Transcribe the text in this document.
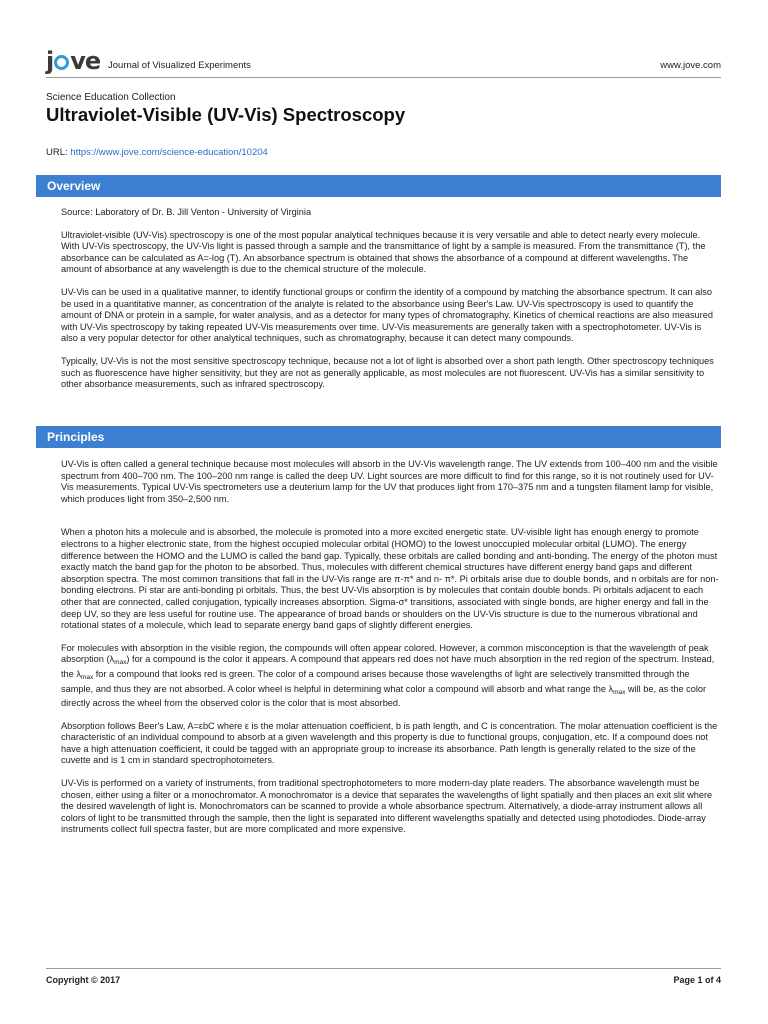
j ve Journal of Visualized Experiments	www.jove.com
Science Education Collection
Ultraviolet-Visible (UV-Vis) Spectroscopy
URL: https://www.jove.com/science-education/10204
Overview

Source: Laboratory of Dr. B. Jill Venton - University of Virginia

Ultraviolet-visible (UV-Vis) spectroscopy is one of the most popular analytical techniques because it is very versatile and able to detect nearly every molecule. With UV-Vis spectroscopy, the UV-Vis light is passed through a sample and the transmittance of light by a sample is measured. From the transmittance (T), the absorbance can be calculated as A=-log (T). An absorbance spectrum is obtained that shows the absorbance of a compound at different wavelengths. The amount of absorbance at any wavelength is due to the chemical structure of the molecule.

UV-Vis can be used in a qualitative manner, to identify functional groups or confirm the identity of a compound by matching the absorbance spectrum. It can also be used in a quantitative manner, as concentration of the analyte is related to the absorbance using Beer's Law. UV-Vis spectroscopy is used to quantify the amount of DNA or protein in a sample, for water analysis, and as a detector for many types of chromatography. Kinetics of chemical reactions are also measured with UV-Vis spectroscopy by taking repeated UV-Vis measurements over time. UV-Vis measurements are generally taken with a spectrophotometer. UV-Vis is also a very popular detector for other analytical techniques, such as chromatography, because it can detect many compounds.

Typically, UV-Vis is not the most sensitive spectroscopy technique, because not a lot of light is absorbed over a short path length. Other spectroscopy techniques such as fluorescence have higher sensitivity, but they are not as generally applicable, as most molecules are not fluorescent. UV-Vis has a similar sensitivity to other absorbance measurements, such as infrared spectroscopy.

Principles

UV-Vis is often called a general technique because most molecules will absorb in the UV-Vis wavelength range. The UV extends from 100–400 nm and the visible spectrum from 400–700 nm. The 100–200 nm range is called the deep UV. Light sources are more difficult to find for this range, so it is not routinely used for UV-Vis measurements. Typical UV-Vis spectrometers use a deuterium lamp for the UV that produces light from 170–375 nm and a tungsten filament lamp for visible, which produces light from 350–2,500 nm.

When a photon hits a molecule and is absorbed, the molecule is promoted into a more excited energetic state. UV-visible light has enough energy to promote electrons to a higher electronic state, from the highest occupied molecular orbital (HOMO) to the lowest unoccupied molecular orbital (LUMO). The energy difference between the HOMO and the LUMO is called the band gap. Typically, these orbitals are called bonding and anti-bonding. The energy of the photon must exactly match the band gap for the photon to be absorbed. Thus, molecules with different chemical structures have different energy band gaps and different absorption spectra. The most common transitions that fall in the UV-Vis range are π-π* and n- π*. Pi orbitals arise due to double bonds, and n orbitals are for non-bonding electrons. Pi star are anti-bonding pi orbitals. Thus, the best UV-Vis absorption is by molecules that contain double bonds. Pi orbitals adjacent to each other that are connected, called conjugation, typically increases absorption. Sigma-σ* transitions, associated with single bonds, are higher energy and fall in the deep UV, so they are less useful for routine use. The appearance of broad bands or shoulders on the UV-Vis structure is due to the numerous vibrational and rotational states of a molecule, which lead to separate energy band gaps of slightly different energies.

For molecules with absorption in the visible region, the compounds will often appear colored. However, a common misconception is that the wavelength of peak absorption $(\lambda_{max})$ for a compound is the color it appears. A compound that appears red does not have much absorption in the red region of the spectrum. Instead, the $\lambda_{max}$ for a compound that looks red is green. The color of a compound arises because those wavelengths of light are selectively transmitted through the sample, and thus they are not absorbed. A color wheel is helpful in determining what color a compound will absorb and what range the $\lambda_{max}$ will be, as the color directly across the wheel from the observed color is the color that is most absorbed.

Absorption follows Beer's Law, A=εbC where ε is the molar attenuation coefficient, b is path length, and C is concentration. The molar attenuation coefficient is the characteristic of an individual compound to absorb at a given wavelength and this property is due to functional groups, conjugation, etc. If a compound does not have a high attenuation coefficient, it could be tagged with an appropriate group to increase its absorbance. Path length is generally related to the size of the cuvette and is 1 cm in standard spectrophotometers.

UV-Vis is performed on a variety of instruments, from traditional spectrophotometers to more modern-day plate readers. The absorbance wavelength must be chosen, either using a filter or a monochromator. A monochromator is a device that separates the wavelengths of light spatially and then places an exit slit where the desired wavelength of light is. Monochromators can be scanned to provide a whole absorbance spectrum. Alternatively, a diode-array instrument allows all colors of light to be transmitted through the sample, then the light is separated into different wavelengths spatially and detected using photodiodes. Diode-array instruments collect full spectra faster, but are more complicated and more expensive.

Copyright © 2017	Page 1 of 4
